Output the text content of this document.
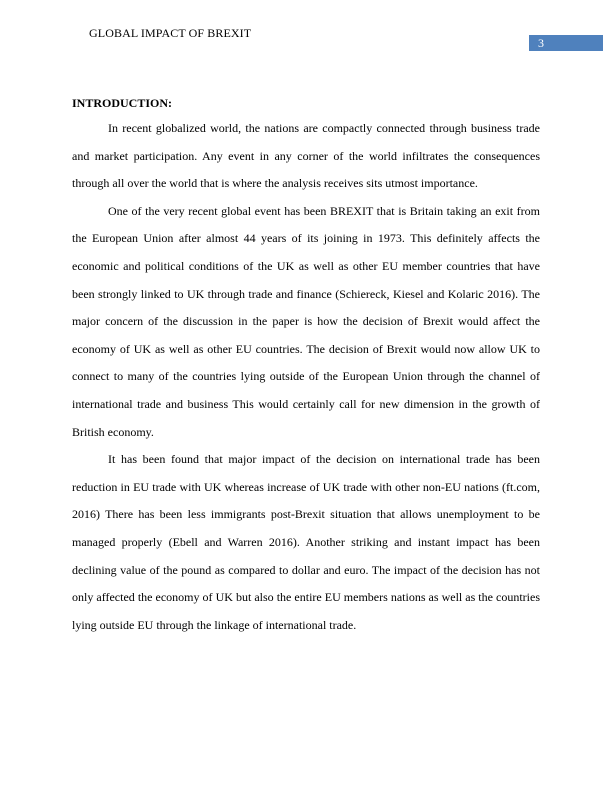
GLOBAL IMPACT OF BREXIT
3

INTRODUCTION:

In recent globalized world, the nations are compactly connected through business trade and market participation. Any event in any corner of the world infiltrates the consequences through all over the world that is where the analysis receives sits utmost importance.

One of the very recent global event has been BREXIT that is Britain taking an exit from the European Union after almost 44 years of its joining in 1973. This definitely affects the economic and political conditions of the UK as well as other EU member countries that have been strongly linked to UK through trade and finance (Schiereck, Kiesel and Kolaric 2016). The major concern of the discussion in the paper is how the decision of Brexit would affect the economy of UK as well as other EU countries. The decision of Brexit would now allow UK to connect to many of the countries lying outside of the European Union through the channel of international trade and business This would certainly call for new dimension in the growth of British economy.

It has been found that major impact of the decision on international trade has been reduction in EU trade with UK whereas increase of UK trade with other non-EU nations (ft.com, 2016) There has been less immigrants post-Brexit situation that allows unemployment to be managed properly (Ebell and Warren 2016). Another striking and instant impact has been declining value of the pound as compared to dollar and euro. The impact of the decision has not only affected the economy of UK but also the entire EU members nations as well as the countries lying outside EU through the linkage of international trade.
